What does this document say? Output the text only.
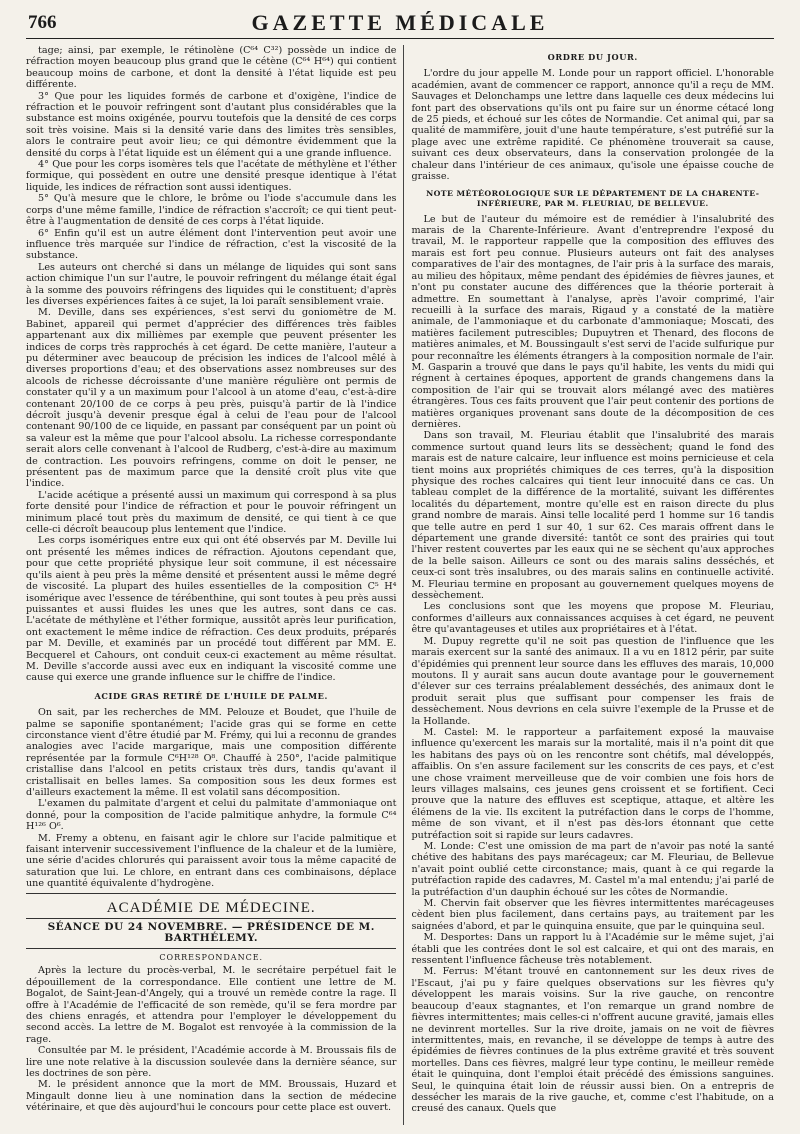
766	GAZETTE MÉDICALE

tage; ainsi, par exemple, le rétinolène (C⁶⁴ C³²) possède un indice de réfraction moyen beaucoup plus grand que le cétène (C⁶⁴ H⁶⁴) qui contient beaucoup moins de carbone, et dont la densité à l'état liquide est peu différente.

3° Que pour les liquides formés de carbone et d'oxigène, l'indice de réfraction et le pouvoir refringent sont d'autant plus considérables que la substance est moins oxigénée, pourvu toutefois que la densité de ces corps soit très voisine. Mais si la densité varie dans des limites très sensibles, alors le contraire peut avoir lieu; ce qui démontre évidemment que la densité du corps à l'état liquide est un élément qui a une grande influence.

4° Que pour les corps isomères tels que l'acétate de méthylène et l'éther formique, qui possèdent en outre une densité presque identique à l'état liquide, les indices de réfraction sont aussi identiques.

5° Qu'à mesure que le chlore, le brôme ou l'iode s'accumule dans les corps d'une même famille, l'indice de réfraction s'accroît; ce qui tient peut-être à l'augmentation de densité de ces corps à l'état liquide.

6° Enfin qu'il est un autre élément dont l'intervention peut avoir une influence très marquée sur l'indice de réfraction, c'est la viscosité de la substance.

Les auteurs ont cherché si dans un mélange de liquides qui sont sans action chimique l'un sur l'autre, le pouvoir refringent du mélange était égal à la somme des pouvoirs réfringens des liquides qui le constituent; d'après les diverses expériences faites à ce sujet, la loi paraît sensiblement vraie.

M. Deville, dans ses expériences, s'est servi du goniomètre de M. Babinet, appareil qui permet d'apprécier des différences très faibles appartenant aux dix millièmes par exemple que peuvent présenter les indices de corps très rapprochés à cet égard. De cette manière, l'auteur a pu déterminer avec beaucoup de précision les indices de l'alcool mêlé à diverses proportions d'eau; et des observations assez nombreuses sur des alcools de richesse décroissante d'une manière régulière ont permis de constater qu'il y a un maximum pour l'alcool à un atome d'eau, c'est-à-dire contenant 20/100 de ce corps à peu près, puisqu'à partir de là l'indice décroît jusqu'à devenir presque égal à celui de l'eau pour de l'alcool contenant 90/100 de ce liquide, en passant par conséquent par un point où sa valeur est la même que pour l'alcool absolu. La richesse correspondante serait alors celle convenant à l'alcool de Rudberg, c'est-à-dire au maximum de contraction. Les pouvoirs refringens, comme on doit le penser, ne présentent pas de maximum parce que la densité croît plus vite que l'indice.

L'acide acétique a présenté aussi un maximum qui correspond à sa plus forte densité pour l'indice de réfraction et pour le pouvoir réfringent un minimum placé tout près du maximum de densité, ce qui tient à ce que celle-ci décroît beaucoup plus lentement que l'indice.

Les corps isomériques entre eux qui ont été observés par M. Deville lui ont présenté les mêmes indices de réfraction. Ajoutons cependant que, pour que cette propriété physique leur soit commune, il est nécessaire qu'ils aient à peu près la même densité et présentent aussi le même degré de viscosité. La plupart des huiles essentielles de la composition C⁵ H⁴ isomérique avec l'essence de térébenthine, qui sont toutes à peu près aussi puissantes et aussi fluides les unes que les autres, sont dans ce cas. L'acétate de méthylène et l'éther formique, aussitôt après leur purification, ont exactement le même indice de réfraction. Ces deux produits, préparés par M. Deville, et examinés par un procédé tout différent par MM. E. Becquerel et Cahours, ont conduit ceux-ci exactement au même résultat. M. Deville s'accorde aussi avec eux en indiquant la viscosité comme une cause qui exerce une grande influence sur le chiffre de l'indice.

ACIDE GRAS RETIRÉ DE L'HUILE DE PALME.

On sait, par les recherches de MM. Pelouze et Boudet, que l'huile de palme se saponifie spontanément; l'acide gras qui se forme en cette circonstance vient d'être étudié par M. Frémy, qui lui a reconnu de grandes analogies avec l'acide margarique, mais une composition différente représentée par la formule C⁶H¹²⁸ O⁸. Chauffé à 250°, l'acide palmitique cristallise dans l'alcool en petits cristaux très durs, tandis qu'avant il cristallisait en belles lames. Sa composition sous les deux formes est d'ailleurs exactement la même. Il est volatil sans décomposition.

L'examen du palmitate d'argent et celui du palmitate d'ammoniaque ont donné, pour la composition de l'acide palmitique anhydre, la formule C⁶⁴ H¹²⁶ O⁶.

M. Fremy a obtenu, en faisant agir le chlore sur l'acide palmitique et faisant intervenir successivement l'influence de la chaleur et de la lumière, une série d'acides chlorurés qui paraissent avoir tous la même capacité de saturation que lui. Le chlore, en entrant dans ces combinaisons, déplace une quantité équivalente d'hydrogène.

ACADÉMIE DE MÉDECINE.
SÉANCE DU 24 NOVEMBRE. — PRÉSIDENCE DE M. BARTHÉLEMY.
CORRESPONDANCE.

Après la lecture du procès-verbal, M. le secrétaire perpétuel fait le dépouillement de la correspondance. Elle contient une lettre de M. Bogalot, de Saint-Jean-d'Angely, qui a trouvé un remède contre la rage. Il offre à l'Académie de l'efficacité de son remède, qu'il se fera mordre par des chiens enragés, et attendra pour l'employer le développement du second accès. La lettre de M. Bogalot est renvoyée à la commission de la rage.

Consultée par M. le président, l'Académie accorde à M. Broussais fils de lire une note relative à la discussion soulevée dans la dernière séance, sur les doctrines de son père.

M. le président annonce que la mort de MM. Broussais, Huzard et Mingault donne lieu à une nomination dans la section de médecine vétérinaire, et que dès aujourd'hui le concours pour cette place est ouvert.

ORDRE DU JOUR.

L'ordre du jour appelle M. Londe pour un rapport officiel. L'honorable académien, avant de commencer ce rapport, annonce qu'il a reçu de MM. Sauvages et Delonchamps une lettre dans laquelle ces deux médecins lui font part des observations qu'ils ont pu faire sur un énorme cétacé long de 25 pieds, et échoué sur les côtes de Normandie. Cet animal qui, par sa qualité de mammifère, jouit d'une haute température, s'est putréfié sur la plage avec une extrême rapidité. Ce phénomène trouverait sa cause, suivant ces deux observateurs, dans la conservation prolongée de la chaleur dans l'intérieur de ces animaux, qu'isole une épaisse couche de graisse.

NOTE MÉTÉOROLOGIQUE SUR LE DÉPARTEMENT DE LA CHARENTE-INFÉRIEURE, PAR M. FLEURIAU, DE BELLEVUE.

Le but de l'auteur du mémoire est de remédier à l'insalubrité des marais de la Charente-Inférieure. Avant d'entreprendre l'exposé du travail, M. le rapporteur rappelle que la composition des effluves des marais est fort peu connue. Plusieurs auteurs ont fait des analyses comparatives de l'air des montagnes, de l'air pris à la surface des marais, au milieu des hôpitaux, même pendant des épidémies de fièvres jaunes, et n'ont pu constater aucune des différences que la théorie porterait à admettre. En soumettant à l'analyse, après l'avoir comprimé, l'air recueilli à la surface des marais, Rigaud y a constaté de la matière animale, de l'ammoniaque et du carbonate d'ammoniaque; Moscati, des matières facilement putrescibles; Dupuytren et Thenard, des flocons de matières animales, et M. Boussingault s'est servi de l'acide sulfurique pur pour reconnaître les éléments étrangers à la composition normale de l'air. M. Gasparin a trouvé que dans le pays qu'il habite, les vents du midi qui régnent à certaines époques, apportent de grands changemens dans la composition de l'air qui se trouvait alors mélangé avec des matières étrangères. Tous ces faits prouvent que l'air peut contenir des portions de matières organiques provenant sans doute de la décomposition de ces dernières.

Dans son travail, M. Fleuriau établit que l'insalubrité des marais commence surtout quand leurs lits se dessèchent; quand le fond des marais est de nature calcaire, leur influence est moins pernicieuse et cela tient moins aux propriétés chimiques de ces terres, qu'à la disposition physique des roches calcaires qui tient leur innocuité dans ce cas. Un tableau complet de la différence de la mortalité, suivant les différentes localités du département, montre qu'elle est en raison directe du plus grand nombre de marais. Ainsi telle localité perd 1 homme sur 16 tandis que telle autre en perd 1 sur 40, 1 sur 62. Ces marais offrent dans le département une grande diversité: tantôt ce sont des prairies qui tout l'hiver restent couvertes par les eaux qui ne se sèchent qu'aux approches de la belle saison. Ailleurs ce sont ou des marais salins desséchés, et ceux-ci sont très insalubres, ou des marais salins en continuelle activité. M. Fleuriau termine en proposant au gouvernement quelques moyens de dessèchement.

Les conclusions sont que les moyens que propose M. Fleuriau, conformes d'ailleurs aux connaissances acquises à cet égard, ne peuvent être qu'avantageuses et utiles aux propriétaires et à l'état.

M. Dupuy regrette qu'il ne soit pas question de l'influence que les marais exercent sur la santé des animaux. Il a vu en 1812 périr, par suite d'épidémies qui prennent leur source dans les effluves des marais, 10,000 moutons. Il y aurait sans aucun doute avantage pour le gouvernement d'élever sur ces terrains préalablement desséchés, des animaux dont le produit serait plus que suffisant pour compenser les frais de dessèchement. Nous devrions en cela suivre l'exemple de la Prusse et de la Hollande.

M. Castel: M. le rapporteur a parfaitement exposé la mauvaise influence qu'exercent les marais sur la mortalité, mais il n'a point dit que les habitans des pays où on les rencontre sont chétifs, mal développés, affaiblis. On s'en assure facilement sur les conscrits de ces pays, et c'est une chose vraiment merveilleuse que de voir combien une fois hors de leurs villages malsains, ces jeunes gens croissent et se fortifient. Ceci prouve que la nature des effluves est sceptique, attaque, et altère les élémens de la vie. Ils excitent la putréfaction dans le corps de l'homme, même de son vivant, et il n'est pas dès-lors étonnant que cette putréfaction soit si rapide sur leurs cadavres.

M. Londe: C'est une omission de ma part de n'avoir pas noté la santé chétive des habitans des pays marécageux; car M. Fleuriau, de Bellevue n'avait point oublié cette circonstance; mais, quant à ce qui regarde la putréfaction rapide des cadavres, M. Castel m'a mal entendu; j'ai parlé de la putréfaction d'un dauphin échoué sur les côtes de Normandie.

M. Chervin fait observer que les fièvres intermittentes marécageuses cèdent bien plus facilement, dans certains pays, au traitement par les saignées d'abord, et par le quinquina ensuite, que par le quinquina seul.

M. Desportes: Dans un rapport lu à l'Académie sur le même sujet, j'ai établi que les contrées dont le sol est calcaire, et qui ont des marais, en ressentent l'influence fâcheuse très notablement.

M. Ferrus: M'étant trouvé en cantonnement sur les deux rives de l'Escaut, j'ai pu y faire quelques observations sur les fièvres qu'y développent les marais voisins. Sur la rive gauche, on rencontre beaucoup d'eaux stagnantes, et l'on remarque un grand nombre de fièvres intermittentes; mais celles-ci n'offrent aucune gravité, jamais elles ne devinrent mortelles. Sur la rive droite, jamais on ne voit de fièvres intermittentes, mais, en revanche, il se développe de temps à autre des épidémies de fièvres continues de la plus extrême gravité et très souvent mortelles. Dans ces fièvres, malgré leur type continu, le meilleur remède était le quinquina, dont l'emploi était précédé des émissions sanguines. Seul, le quinquina était loin de réussir aussi bien. On a entrepris de dessécher les marais de la rive gauche, et, comme c'est l'habitude, on a creusé des canaux. Quels que
